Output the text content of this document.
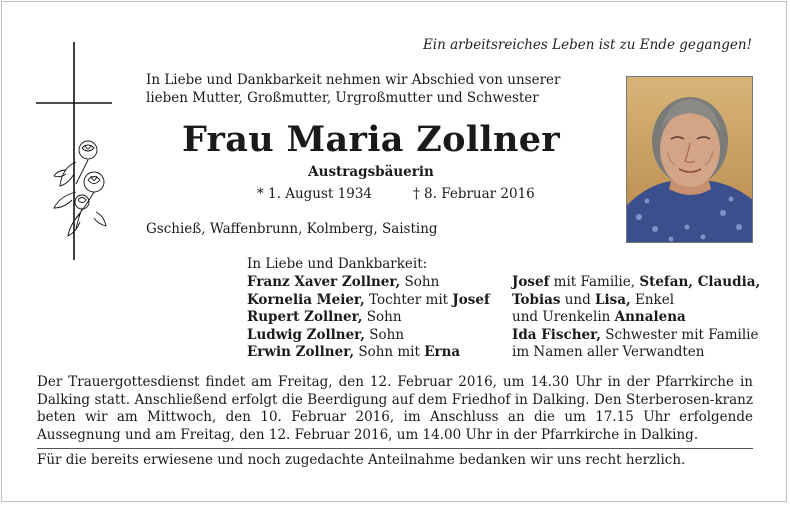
Ein arbeitsreiches Leben ist zu Ende gegangen!
In Liebe und Dankbarkeit nehmen wir Abschied von unserer
lieben Mutter, Großmutter, Urgroßmutter und Schwester
Frau Maria Zollner
Austragsbäuerin
* 1. August 1934	† 8. Februar 2016
Gschieß, Waffenbrunn, Kolmberg, Saisting
In Liebe und Dankbarkeit:
Franz Xaver Zollner, Sohn
Kornelia Meier, Tochter mit Josef
Rupert Zollner, Sohn
Ludwig Zollner, Sohn
Erwin Zollner, Sohn mit Erna
Josef mit Familie, Stefan, Claudia,
Tobias und Lisa, Enkel
und Urenkelin Annalena
Ida Fischer, Schwester mit Familie
im Namen aller Verwandten
Der Trauergottesdienst findet am Freitag, den 12. Februar 2016, um 14.30 Uhr in der Pfarrkirche in Dalking statt. Anschließend erfolgt die Beerdigung auf dem Friedhof in Dalking. Den Sterberosen-kranz beten wir am Mittwoch, den 10. Februar 2016, im Anschluss an die um 17.15 Uhr erfolgende Aussegnung und am Freitag, den 12. Februar 2016, um 14.00 Uhr in der Pfarrkirche in Dalking.
Für die bereits erwiesene und noch zugedachte Anteilnahme bedanken wir uns recht herzlich.
